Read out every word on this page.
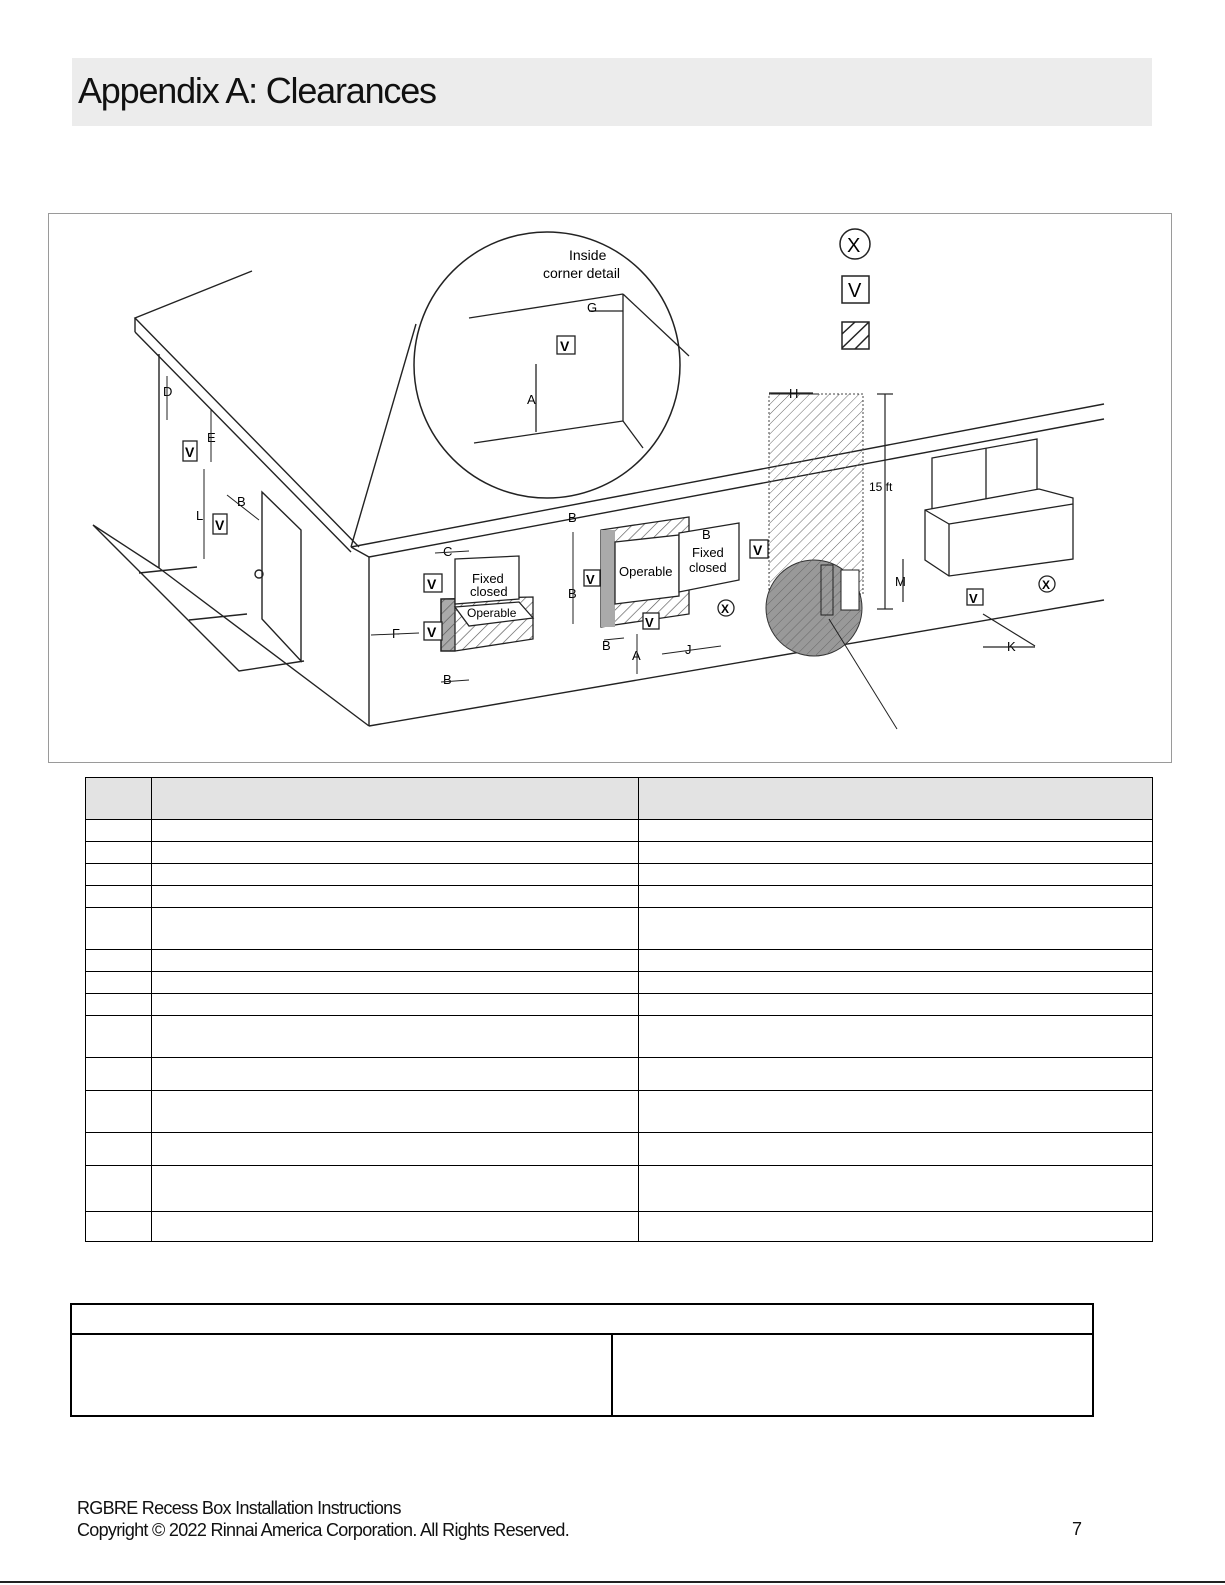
Appendix A: Clearances
Fixed
closed
Operable
Operable
Fixed
closed
15 ft
Inside
corner detail
X
V
V
V
V
V
V
V
V
V
V
X
X
G
A
D
E
B
L
C
F
B
B
B
B
B
A	J
H
M
K

RGBRE Recess Box Installation Instructions
Copyright © 2022 Rinnai America Corporation. All Rights Reserved.	7
